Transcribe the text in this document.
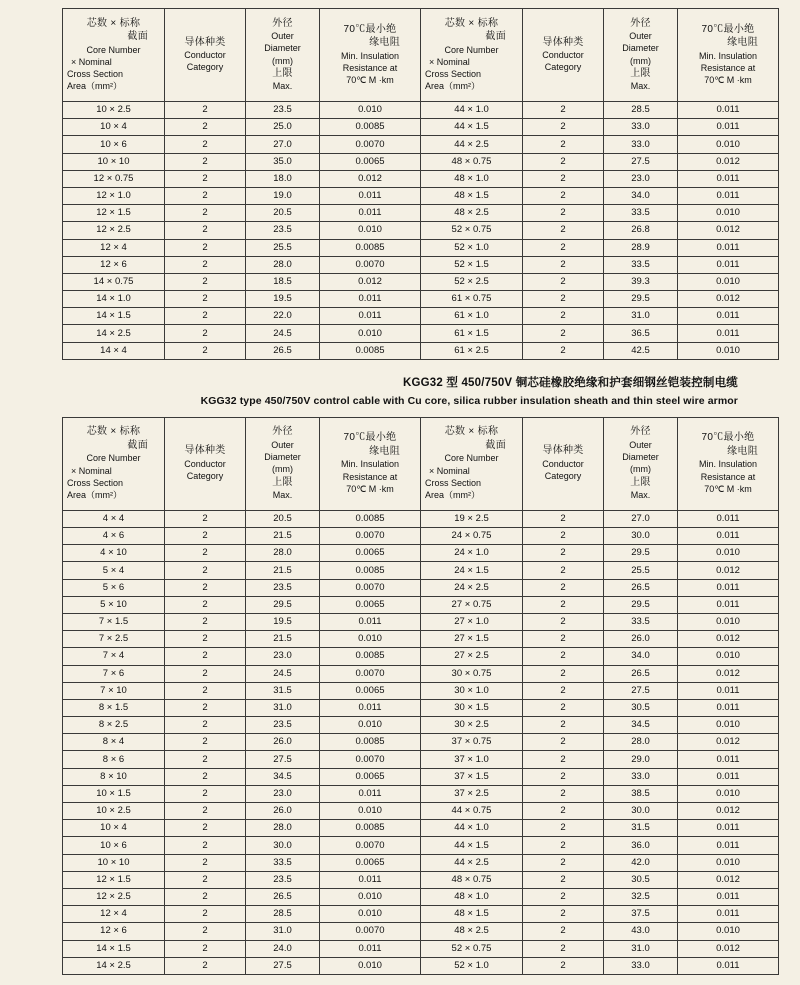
芯数 × 标称
截面
Core Number
× Nominal
Cross Section
Area（mm²）

导体种类
Conductor
Category

外径
Outer
Diameter
(mm)
上限
Max.

70℃最小绝
缘电阻
Min. Insulation
Resistance at
70℃ M ·km

芯数 × 标称
截面
Core Number
× Nominal
Cross Section
Area（mm²）

导体种类
Conductor
Category

外径
Outer
Diameter
(mm)
上限
Max.

70℃最小绝
缘电阻
Min. Insulation
Resistance at
70℃ M ·km

10 × 2.5	2	23.5	0.010	44 × 1.0	2	28.5	0.011
10 × 4	2	25.0	0.0085	44 × 1.5	2	33.0	0.011
10 × 6	2	27.0	0.0070	44 × 2.5	2	33.0	0.010
10 × 10	2	35.0	0.0065	48 × 0.75	2	27.5	0.012
12 × 0.75	2	18.0	0.012	48 × 1.0	2	23.0	0.011
12 × 1.0	2	19.0	0.011	48 × 1.5	2	34.0	0.011
12 × 1.5	2	20.5	0.011	48 × 2.5	2	33.5	0.010
12 × 2.5	2	23.5	0.010	52 × 0.75	2	26.8	0.012
12 × 4	2	25.5	0.0085	52 × 1.0	2	28.9	0.011
12 × 6	2	28.0	0.0070	52 × 1.5	2	33.5	0.011
14 × 0.75	2	18.5	0.012	52 × 2.5	2	39.3	0.010
14 × 1.0	2	19.5	0.011	61 × 0.75	2	29.5	0.012
14 × 1.5	2	22.0	0.011	61 × 1.0	2	31.0	0.011
14 × 2.5	2	24.5	0.010	61 × 1.5	2	36.5	0.011
14 × 4	2	26.5	0.0085	61 × 2.5	2	42.5	0.010
KGG32 型 450/750V 铜芯硅橡胶绝缘和护套细钢丝铠装控制电缆
KGG32 type 450/750V control cable with Cu core, silica rubber insulation sheath and thin steel wire armor
芯数 × 标称
截面
Core Number
× Nominal
Cross Section
Area（mm²）

导体种类
Conductor
Category

外径
Outer
Diameter
(mm)
上限
Max.

70℃最小绝
缘电阻
Min. Insulation
Resistance at
70℃ M ·km

芯数 × 标称
截面
Core Number
× Nominal
Cross Section
Area（mm²）

导体种类
Conductor
Category

外径
Outer
Diameter
(mm)
上限
Max.

70℃最小绝
缘电阻
Min. Insulation
Resistance at
70℃ M ·km

4 × 4	2	20.5	0.0085	19 × 2.5	2	27.0	0.011
4 × 6	2	21.5	0.0070	24 × 0.75	2	30.0	0.011
4 × 10	2	28.0	0.0065	24 × 1.0	2	29.5	0.010
5 × 4	2	21.5	0.0085	24 × 1.5	2	25.5	0.012
5 × 6	2	23.5	0.0070	24 × 2.5	2	26.5	0.011
5 × 10	2	29.5	0.0065	27 × 0.75	2	29.5	0.011
7 × 1.5	2	19.5	0.011	27 × 1.0	2	33.5	0.010
7 × 2.5	2	21.5	0.010	27 × 1.5	2	26.0	0.012
7 × 4	2	23.0	0.0085	27 × 2.5	2	34.0	0.010
7 × 6	2	24.5	0.0070	30 × 0.75	2	26.5	0.012
7 × 10	2	31.5	0.0065	30 × 1.0	2	27.5	0.011
8 × 1.5	2	31.0	0.011	30 × 1.5	2	30.5	0.011
8 × 2.5	2	23.5	0.010	30 × 2.5	2	34.5	0.010
8 × 4	2	26.0	0.0085	37 × 0.75	2	28.0	0.012
8 × 6	2	27.5	0.0070	37 × 1.0	2	29.0	0.011
8 × 10	2	34.5	0.0065	37 × 1.5	2	33.0	0.011
10 × 1.5	2	23.0	0.011	37 × 2.5	2	38.5	0.010
10 × 2.5	2	26.0	0.010	44 × 0.75	2	30.0	0.012
10 × 4	2	28.0	0.0085	44 × 1.0	2	31.5	0.011
10 × 6	2	30.0	0.0070	44 × 1.5	2	36.0	0.011
10 × 10	2	33.5	0.0065	44 × 2.5	2	42.0	0.010
12 × 1.5	2	23.5	0.011	48 × 0.75	2	30.5	0.012
12 × 2.5	2	26.5	0.010	48 × 1.0	2	32.5	0.011
12 × 4	2	28.5	0.010	48 × 1.5	2	37.5	0.011
12 × 6	2	31.0	0.0070	48 × 2.5	2	43.0	0.010
14 × 1.5	2	24.0	0.011	52 × 0.75	2	31.0	0.012
14 × 2.5	2	27.5	0.010	52 × 1.0	2	33.0	0.011
